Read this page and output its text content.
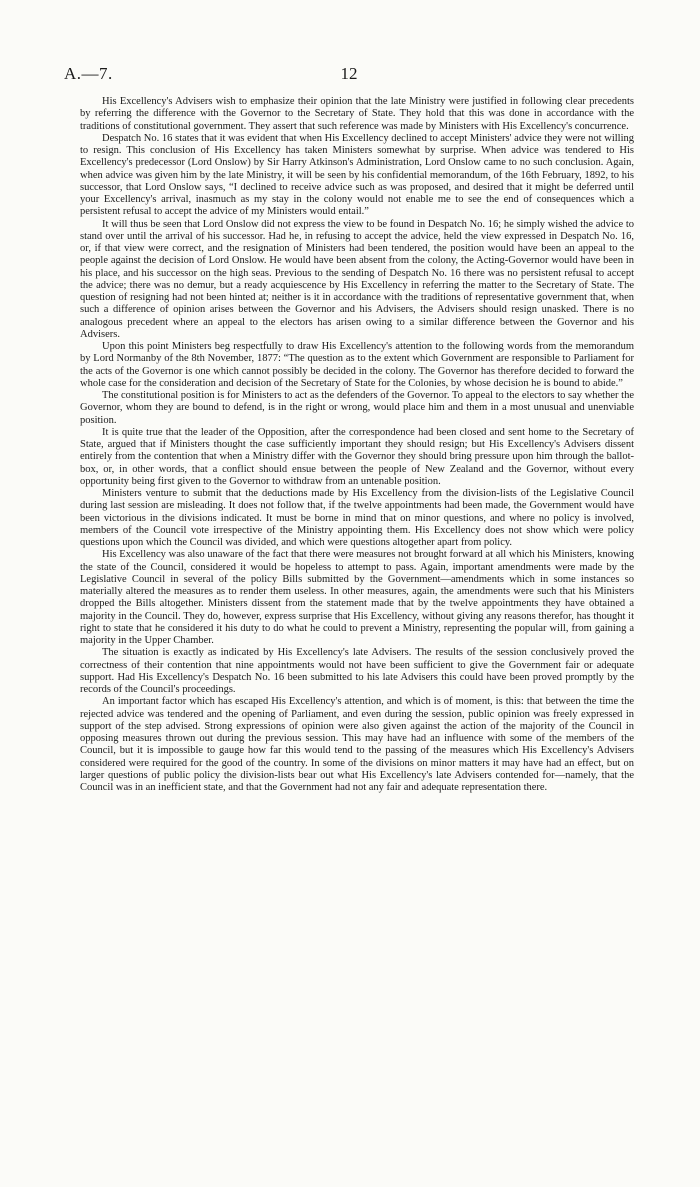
A.—7.	12

His Excellency's Advisers wish to emphasize their opinion that the late Ministry were justified in following clear precedents by referring the difference with the Governor to the Secretary of State. They hold that this was done in accordance with the traditions of constitutional government. They assert that such reference was made by Ministers with His Excellency's concurrence.

Despatch No. 16 states that it was evident that when His Excellency declined to accept Ministers' advice they were not willing to resign. This conclusion of His Excellency has taken Ministers somewhat by surprise. When advice was tendered to His Excellency's predecessor (Lord Onslow) by Sir Harry Atkinson's Administration, Lord Onslow came to no such conclusion. Again, when advice was given him by the late Ministry, it will be seen by his confidential memorandum, of the 16th February, 1892, to his successor, that Lord Onslow says, “I declined to receive advice such as was proposed, and desired that it might be deferred until your Excellency's arrival, inasmuch as my stay in the colony would not enable me to see the end of consequences which a persistent refusal to accept the advice of my Ministers would entail.”

It will thus be seen that Lord Onslow did not express the view to be found in Despatch No. 16; he simply wished the advice to stand over until the arrival of his successor. Had he, in refusing to accept the advice, held the view expressed in Despatch No. 16, or, if that view were correct, and the resignation of Ministers had been tendered, the position would have been an appeal to the people against the decision of Lord Onslow. He would have been absent from the colony, the Acting-Governor would have been in his place, and his successor on the high seas. Previous to the sending of Despatch No. 16 there was no persistent refusal to accept the advice; there was no demur, but a ready acquiescence by His Excellency in referring the matter to the Secretary of State. The question of resigning had not been hinted at; neither is it in accordance with the traditions of representative government that, when such a difference of opinion arises between the Governor and his Advisers, the Advisers should resign unasked. There is no analogous precedent where an appeal to the electors has arisen owing to a similar difference between the Governor and his Advisers.

Upon this point Ministers beg respectfully to draw His Excellency's attention to the following words from the memorandum by Lord Normanby of the 8th November, 1877: “The question as to the extent which Government are responsible to Parliament for the acts of the Governor is one which cannot possibly be decided in the colony. The Governor has therefore decided to forward the whole case for the consideration and decision of the Secretary of State for the Colonies, by whose decision he is bound to abide.”

The constitutional position is for Ministers to act as the defenders of the Governor. To appeal to the electors to say whether the Governor, whom they are bound to defend, is in the right or wrong, would place him and them in a most unusual and unenviable position.

It is quite true that the leader of the Opposition, after the correspondence had been closed and sent home to the Secretary of State, argued that if Ministers thought the case sufficiently important they should resign; but His Excellency's Advisers dissent entirely from the contention that when a Ministry differ with the Governor they should bring pressure upon him through the ballot-box, or, in other words, that a conflict should ensue between the people of New Zealand and the Governor, without every opportunity being first given to the Governor to withdraw from an untenable position.

Ministers venture to submit that the deductions made by His Excellency from the division-lists of the Legislative Council during last session are misleading. It does not follow that, if the twelve appointments had been made, the Government would have been victorious in the divisions indicated. It must be borne in mind that on minor questions, and where no policy is involved, members of the Council vote irrespective of the Ministry appointing them. His Excellency does not show which were policy questions upon which the Council was divided, and which were questions altogether apart from policy.

His Excellency was also unaware of the fact that there were measures not brought forward at all which his Ministers, knowing the state of the Council, considered it would be hopeless to attempt to pass. Again, important amendments were made by the Legislative Council in several of the policy Bills submitted by the Government—amendments which in some instances so materially altered the measures as to render them useless. In other measures, again, the amendments were such that his Ministers dropped the Bills altogether. Ministers dissent from the statement made that by the twelve appointments they have obtained a majority in the Council. They do, however, express surprise that His Excellency, without giving any reasons therefor, has thought it right to state that he considered it his duty to do what he could to prevent a Ministry, representing the popular will, from gaining a majority in the Upper Chamber.

The situation is exactly as indicated by His Excellency's late Advisers. The results of the session conclusively proved the correctness of their contention that nine appointments would not have been sufficient to give the Government fair or adequate support. Had His Excellency's Despatch No. 16 been submitted to his late Advisers this could have been proved promptly by the records of the Council's proceedings.

An important factor which has escaped His Excellency's attention, and which is of moment, is this: that between the time the rejected advice was tendered and the opening of Parliament, and even during the session, public opinion was freely expressed in support of the step advised. Strong expressions of opinion were also given against the action of the majority of the Council in opposing measures thrown out during the previous session. This may have had an influence with some of the members of the Council, but it is impossible to gauge how far this would tend to the passing of the measures which His Excellency's Advisers considered were required for the good of the country. In some of the divisions on minor matters it may have had an effect, but on larger questions of public policy the division-lists bear out what His Excellency's late Advisers contended for—namely, that the Council was in an inefficient state, and that the Government had not any fair and adequate representation there.
